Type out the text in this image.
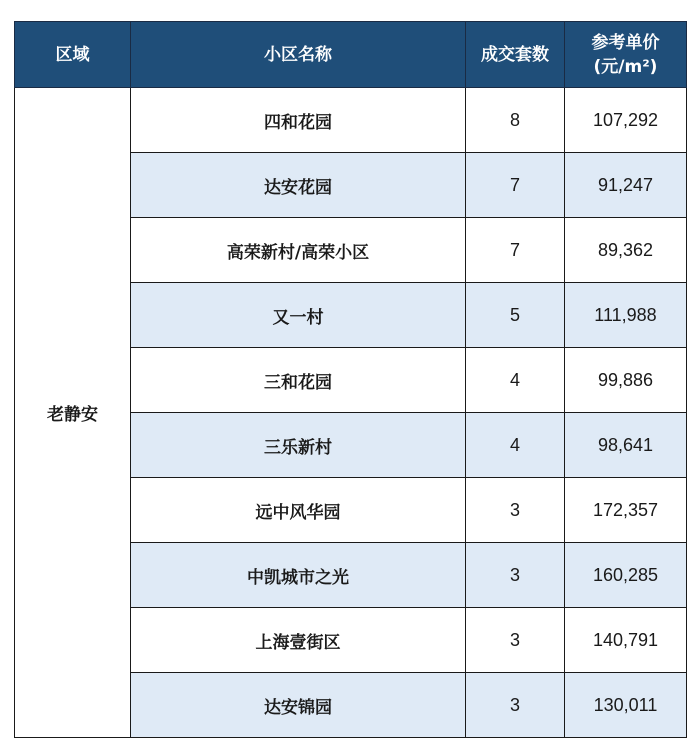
区域	小区名称	成交套数	参考单价
(元/m²)

老静安	四和花园	8	107,292
	达安花园	7	91,247
	高荣新村/高荣小区	7	89,362
	又一村	5	111,988
	三和花园	4	99,886
	三乐新村	4	98,641
	远中风华园	3	172,357
	中凯城市之光	3	160,285
	上海壹街区	3	140,791
	达安锦园	3	130,011
